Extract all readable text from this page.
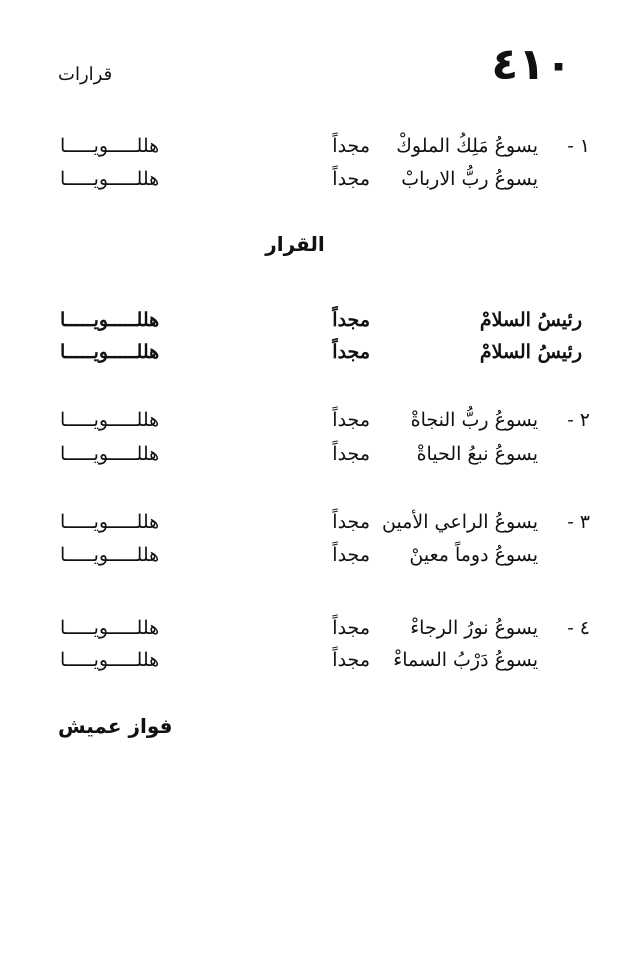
٤١٠
قرارات
١ -
يسوعُ مَلِكُ الملوكْ
مجداً
هللـــــويـــــا
يسوعُ ربُّ الاربابْ
مجداً
هللـــــويـــــا
القرار
رئيسُ السلامْ
مجداً
هللـــــويـــــا
رئيسُ السلامْ
مجداً
هللـــــويـــــا
٢ -
يسوعُ ربُّ النجاةْ
مجداً
هللـــــويـــــا
يسوعُ نبعُ الحياةْ
مجداً
هللـــــويـــــا
٣ -
يسوعُ الراعي الأمين
مجداً
هللـــــويـــــا
يسوعُ دوماً معينْ
مجداً
هللـــــويـــــا
٤ -
يسوعُ نورُ الرجاءْ
مجداً
هللـــــويـــــا
يسوعُ دَرْبُ السماءْ
مجداً
هللـــــويـــــا
فواز عميش
